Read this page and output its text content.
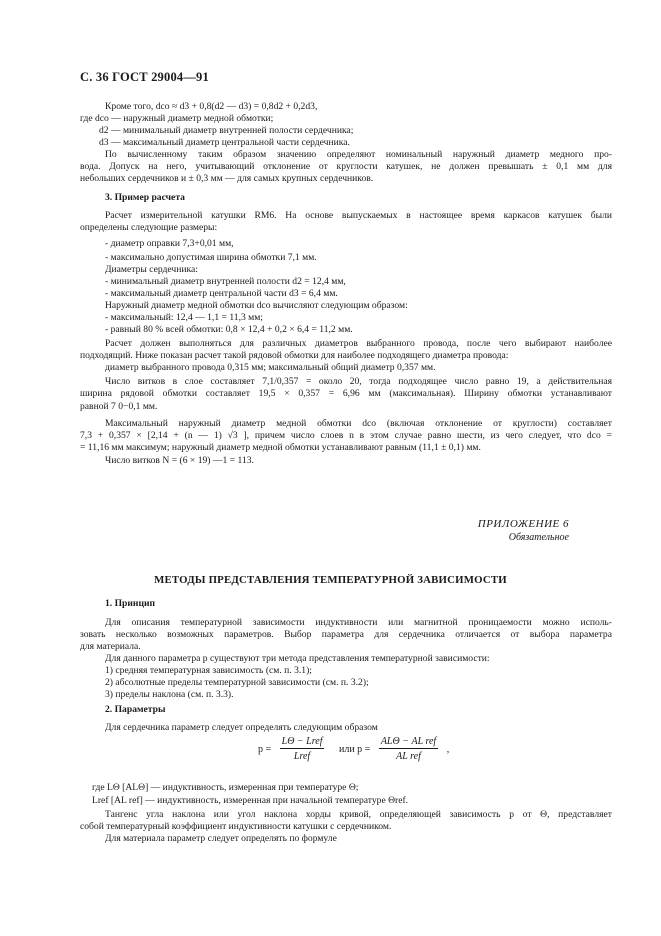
С. 36 ГОСТ 29004—91
Кроме того, dсо ≈ d3 + 0,8(d2 — d3) = 0,8d2 + 0,2d3,
где dсо — наружный диаметр медной обмотки;
d2 — минимальный диаметр внутренней полости сердечника;
d3 — максимальный диаметр центральной части сердечника.
По вычисленному таким образом значению определяют номинальный наружный диаметр медного про-
вода. Допуск на него, учитывающий отклонение от круглости катушек, не должен превышать ± 0,1 мм для
небольших сердечников и ± 0,3 мм — для самых крупных сердечников.
3. Пример расчета
Расчет измерительной катушки RM6. На основе выпускаемых в настоящее время каркасов катушек были
определены следующие размеры:
- диаметр оправки 7,3+0,01 мм,
- максимально допустимая ширина обмотки 7,1 мм.
Диаметры сердечника:
- минимальный диаметр внутренней полости d2 = 12,4 мм,
- максимальный диаметр центральной части d3 = 6,4 мм.
Наружный диаметр медной обмотки dсо вычисляют следующим образом:
- максимальный: 12,4 — 1,1 = 11,3 мм;
- равный 80 % всей обмотки: 0,8 × 12,4 + 0,2 × 6,4 = 11,2 мм.
Расчет должен выполняться для различных диаметров выбранного провода, после чего выбирают наиболее
подходящий. Ниже показан расчет такой рядовой обмотки для наиболее подходящего диаметра провода:
диаметр выбранного провода 0,315 мм; максимальный общий диаметр 0,357 мм.
Число витков в слое составляет 7,1/0,357 = около 20, тогда подходящее число равно 19, а действительная
ширина рядовой обмотки составляет 19,5 × 0,357 = 6,96 мм (максимальная). Ширину обмотки устанавливают
равной 7 0−0,1 мм.
Максимальный наружный диаметр медной обмотки dсо (включая отклонение от круглости) составляет
7,3 + 0,357 × [2,14 + (n — 1) √3 ], причем число слоев n в этом случае равно шести, из чего следует, что dсо =
= 11,16 мм максимум; наружный диаметр медной обмотки устанавливают равным (11,1 ± 0,1) мм.
Число витков N = (6 × 19) —1 = 113.
ПРИЛОЖЕНИЕ 6
Обязательное
МЕТОДЫ ПРЕДСТАВЛЕНИЯ ТЕМПЕРАТУРНОЙ ЗАВИСИМОСТИ
1. Принцип
Для описания температурной зависимости индуктивности или магнитной проницаемости можно исполь-
зовать несколько возможных параметров. Выбор параметра для сердечника отличается от выбора параметра
для материала.
Для данного параметра p существуют три метода представления температурной зависимости:
1) средняя температурная зависимость (см. п. 3.1);
2) абсолютные пределы температурной зависимости (см. п. 3.2);
3) пределы наклона (см. п. 3.3).
2. Параметры
Для сердечника параметр следует определять следующим образом
$p = \frac{\text{LΘ − Lref}}{\text{Lref}}$ или $p = \frac{\text{ALΘ − AL ref}}{\text{AL ref}}$ ,
где LΘ [ALΘ] — индуктивность, измеренная при температуре Θ;
Lref [AL ref] — индуктивность, измеренная при начальной температуре Θref.
Тангенс угла наклона или угол наклона хорды кривой, определяющей зависимость p от Θ, представляет
собой температурный коэффициент индуктивности катушки с сердечником.
Для материала параметр следует определять по формуле
